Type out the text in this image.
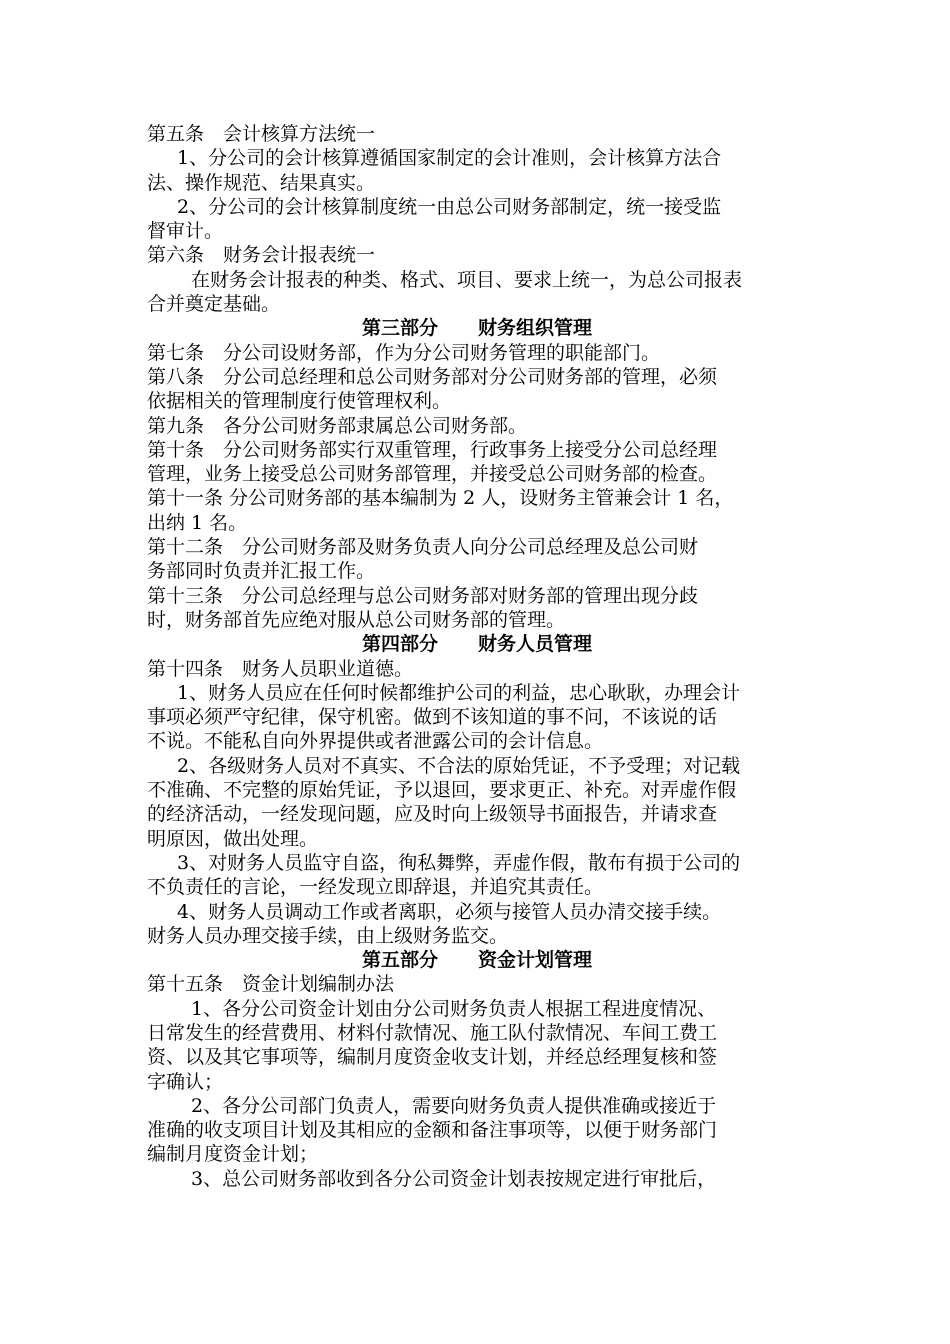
第五条　会计核算方法统一
1、分公司的会计核算遵循国家制定的会计准则，会计核算方法合
法、操作规范、结果真实。
2、分公司的会计核算制度统一由总公司财务部制定，统一接受监
督审计。
第六条　财务会计报表统一
在财务会计报表的种类、格式、项目、要求上统一，为总公司报表
合并奠定基础。
第三部分 财务组织管理
第七条　分公司设财务部，作为分公司财务管理的职能部门。
第八条　分公司总经理和总公司财务部对分公司财务部的管理，必须
依据相关的管理制度行使管理权利。
第九条　各分公司财务部隶属总公司财务部。
第十条　分公司财务部实行双重管理，行政事务上接受分公司总经理
管理，业务上接受总公司财务部管理，并接受总公司财务部的检查。
第十一条 分公司财务部的基本编制为 2 人，设财务主管兼会计 1 名，
出纳 1 名。
第十二条　分公司财务部及财务负责人向分公司总经理及总公司财
务部同时负责并汇报工作。
第十三条　分公司总经理与总公司财务部对财务部的管理出现分歧
时，财务部首先应绝对服从总公司财务部的管理。
第四部分 财务人员管理
第十四条　财务人员职业道德。
1、财务人员应在任何时候都维护公司的利益，忠心耿耿，办理会计
事项必须严守纪律，保守机密。做到不该知道的事不问，不该说的话
不说。不能私自向外界提供或者泄露公司的会计信息。
2、各级财务人员对不真实、不合法的原始凭证，不予受理；对记载
不准确、不完整的原始凭证，予以退回，要求更正、补充。对弄虚作假
的经济活动，一经发现问题，应及时向上级领导书面报告，并请求查
明原因，做出处理。
3、对财务人员监守自盗，徇私舞弊，弄虚作假，散布有损于公司的
不负责任的言论，一经发现立即辞退，并追究其责任。
4、财务人员调动工作或者离职，必须与接管人员办清交接手续。
财务人员办理交接手续，由上级财务监交。
第五部分 资金计划管理
第十五条　资金计划编制办法
1、各分公司资金计划由分公司财务负责人根据工程进度情况、
日常发生的经营费用、材料付款情况、施工队付款情况、车间工费工
资、以及其它事项等，编制月度资金收支计划，并经总经理复核和签
字确认；
2、各分公司部门负责人，需要向财务负责人提供准确或接近于
准确的收支项目计划及其相应的金额和备注事项等，以便于财务部门
编制月度资金计划；
3、总公司财务部收到各分公司资金计划表按规定进行审批后，
